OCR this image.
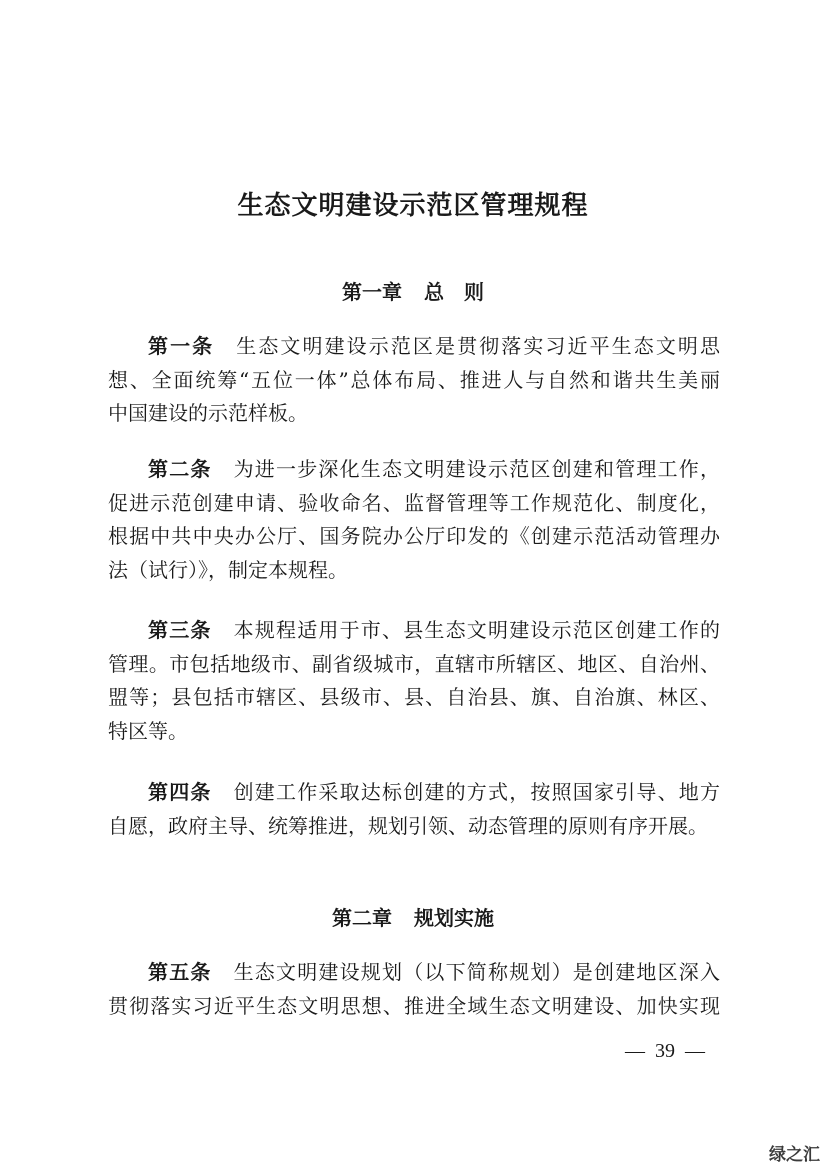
生态文明建设示范区管理规程
第一章 总　则
第一条 生态文明建设示范区是贯彻落实习近平生态文明思
想、全面统筹“五位一体”总体布局、推进人与自然和谐共生美丽
中国建设的示范样板。
第二条 为进一步深化生态文明建设示范区创建和管理工作，
促进示范创建申请、验收命名、监督管理等工作规范化、制度化，
根据中共中央办公厅、国务院办公厅印发的《创建示范活动管理办
法（试行）》，制定本规程。
第三条 本规程适用于市、县生态文明建设示范区创建工作的
管理。市包括地级市、副省级城市，直辖市所辖区、地区、自治州、
盟等；县包括市辖区、县级市、县、自治县、旗、自治旗、林区、
特区等。
第四条 创建工作采取达标创建的方式，按照国家引导、地方
自愿，政府主导、统筹推进，规划引领、动态管理的原则有序开展。
第二章 规划实施
第五条 生态文明建设规划（以下简称规划）是创建地区深入
贯彻落实习近平生态文明思想、推进全域生态文明建设、加快实现
— 39 —
绿之汇
